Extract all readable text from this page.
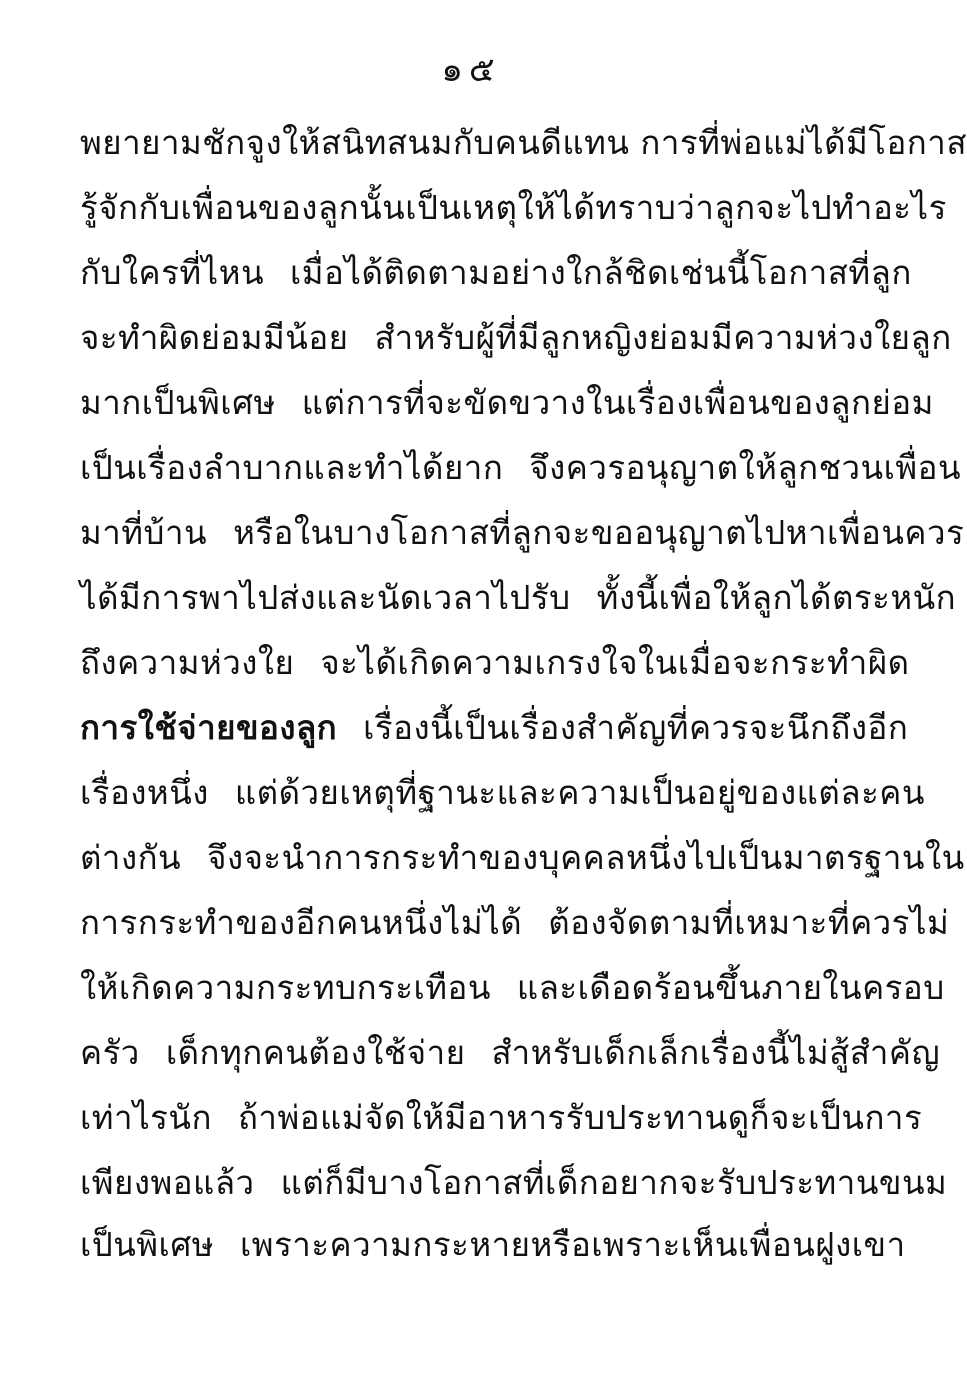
๑๕
พยายามชักจูงให้สนิทสนมกับคนดีแทน การที่พ่อแม่ได้มีโอกาส
รู้จักกับเพื่อนของลูกนั้นเป็นเหตุให้ได้ทราบว่าลูกจะไปทำอะไร
กับใครที่ไหน เมื่อได้ติดตามอย่างใกล้ชิดเช่นนี้โอกาสที่ลูก
จะทำผิดย่อมมีน้อย สำหรับผู้ที่มีลูกหญิงย่อมมีความห่วงใยลูก
มากเป็นพิเศษ แต่การที่จะขัดขวางในเรื่องเพื่อนของลูกย่อม
เป็นเรื่องลำบากและทำได้ยาก จึงควรอนุญาตให้ลูกชวนเพื่อน
มาที่บ้าน หรือในบางโอกาสที่ลูกจะขออนุญาตไปหาเพื่อนควร
ได้มีการพาไปส่งและนัดเวลาไปรับ ทั้งนี้เพื่อให้ลูกได้ตระหนัก
ถึงความห่วงใย จะได้เกิดความเกรงใจในเมื่อจะกระทำผิด
การใช้จ่ายของลูก เรื่องนี้เป็นเรื่องสำคัญที่ควรจะนึกถึงอีก
เรื่องหนึ่ง แต่ด้วยเหตุที่ฐานะและความเป็นอยู่ของแต่ละคน
ต่างกัน จึงจะนำการกระทำของบุคคลหนึ่งไปเป็นมาตรฐานใน
การกระทำของอีกคนหนึ่งไม่ได้ ต้องจัดตามที่เหมาะที่ควรไม่
ให้เกิดความกระทบกระเทือน และเดือดร้อนขึ้นภายในครอบ
ครัว เด็กทุกคนต้องใช้จ่าย สำหรับเด็กเล็กเรื่องนี้ไม่สู้สำคัญ
เท่าไรนัก ถ้าพ่อแม่จัดให้มีอาหารรับประทานดูก็จะเป็นการ
เพียงพอแล้ว แต่ก็มีบางโอกาสที่เด็กอยากจะรับประทานขนม
เป็นพิเศษ เพราะความกระหายหรือเพราะเห็นเพื่อนฝูงเขา
